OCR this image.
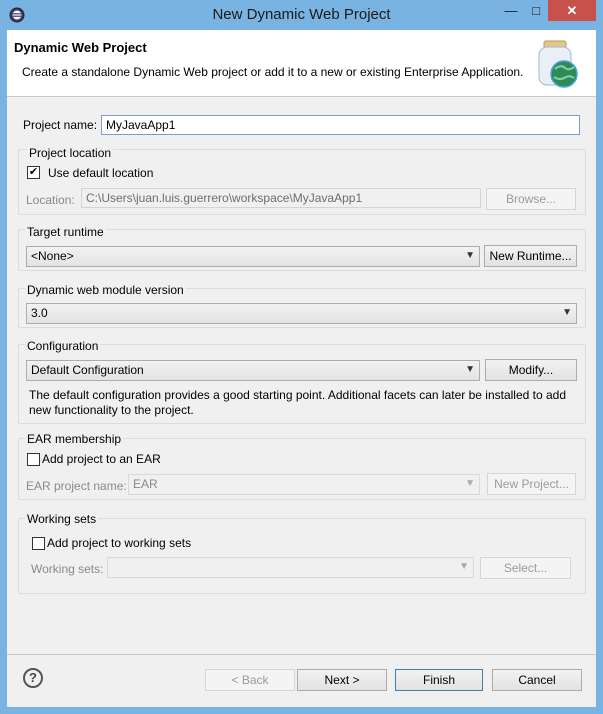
New Dynamic Web Project	—	□	✕
Dynamic Web Project
Create a standalone Dynamic Web project or add it to a new or existing Enterprise Application.
Project name: MyJavaApp1
Project location
✔ Use default location
Location: C:\Users\juan.luis.guerrero\workspace\MyJavaApp1	Browse...
Target runtime
<None>	▼	New Runtime...
Dynamic web module version
3.0	▼
Configuration
Default Configuration	▼	Modify...
The default configuration provides a good starting point. Additional facets can later be installed to add new functionality to the project.
EAR membership
Add project to an EAR
EAR project name: EAR	▼	New Project...
Working sets
Add project to working sets
Working sets:	▼	Select...
?	< Back	Next >	Finish	Cancel
